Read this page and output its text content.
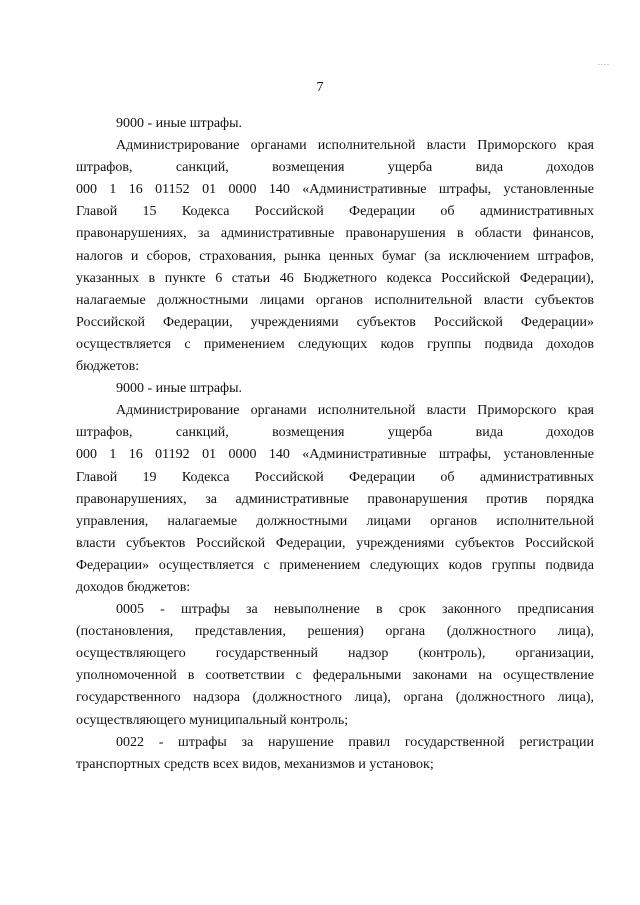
....
7
9000 - иные штрафы.
Администрирование органами исполнительной власти Приморского края
штрафов, санкций, возмещения ущерба вида доходов
000 1 16 01152 01 0000 140 «Административные штрафы, установленные
Главой 15 Кодекса Российской Федерации об административных
правонарушениях, за административные правонарушения в области финансов,
налогов и сборов, страхования, рынка ценных бумаг (за исключением штрафов,
указанных в пункте 6 статьи 46 Бюджетного кодекса Российской Федерации),
налагаемые должностными лицами органов исполнительной власти субъектов
Российской Федерации, учреждениями субъектов Российской Федерации»
осуществляется с применением следующих кодов группы подвида доходов
бюджетов:
9000 - иные штрафы.
Администрирование органами исполнительной власти Приморского края
штрафов, санкций, возмещения ущерба вида доходов
000 1 16 01192 01 0000 140 «Административные штрафы, установленные
Главой 19 Кодекса Российской Федерации об административных
правонарушениях, за административные правонарушения против порядка
управления, налагаемые должностными лицами органов исполнительной
власти субъектов Российской Федерации, учреждениями субъектов Российской
Федерации» осуществляется с применением следующих кодов группы подвида
доходов бюджетов:
0005 - штрафы за невыполнение в срок законного предписания
(постановления, представления, решения) органа (должностного лица),
осуществляющего государственный надзор (контроль), организации,
уполномоченной в соответствии с федеральными законами на осуществление
государственного надзора (должностного лица), органа (должностного лица),
осуществляющего муниципальный контроль;
0022 - штрафы за нарушение правил государственной регистрации
транспортных средств всех видов, механизмов и установок;
